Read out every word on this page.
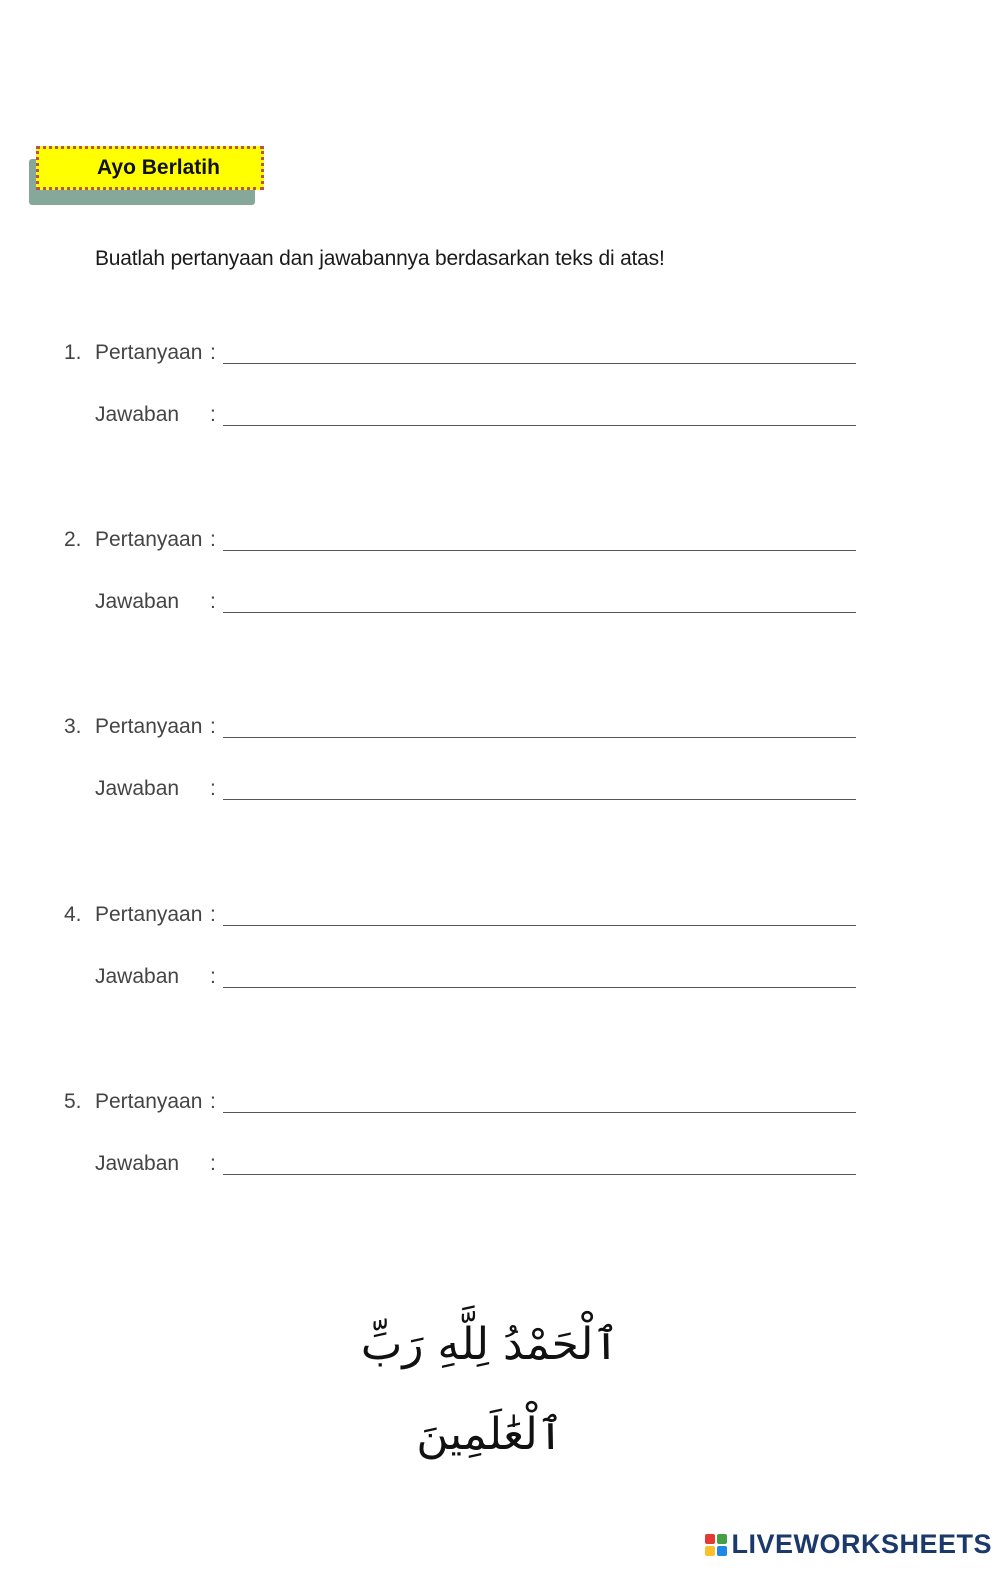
Ayo Berlatih
Buatlah pertanyaan dan jawabannya berdasarkan teks di atas!
1. Pertanyaan :
Jawaban :
2. Pertanyaan :
Jawaban :
3. Pertanyaan :
Jawaban :
4. Pertanyaan :
Jawaban :
5. Pertanyaan :
Jawaban :
ٱلْحَمْدُ لِلَّهِ رَبِّ ٱلْعَٰلَمِينَ
LIVEWORKSHEETS
